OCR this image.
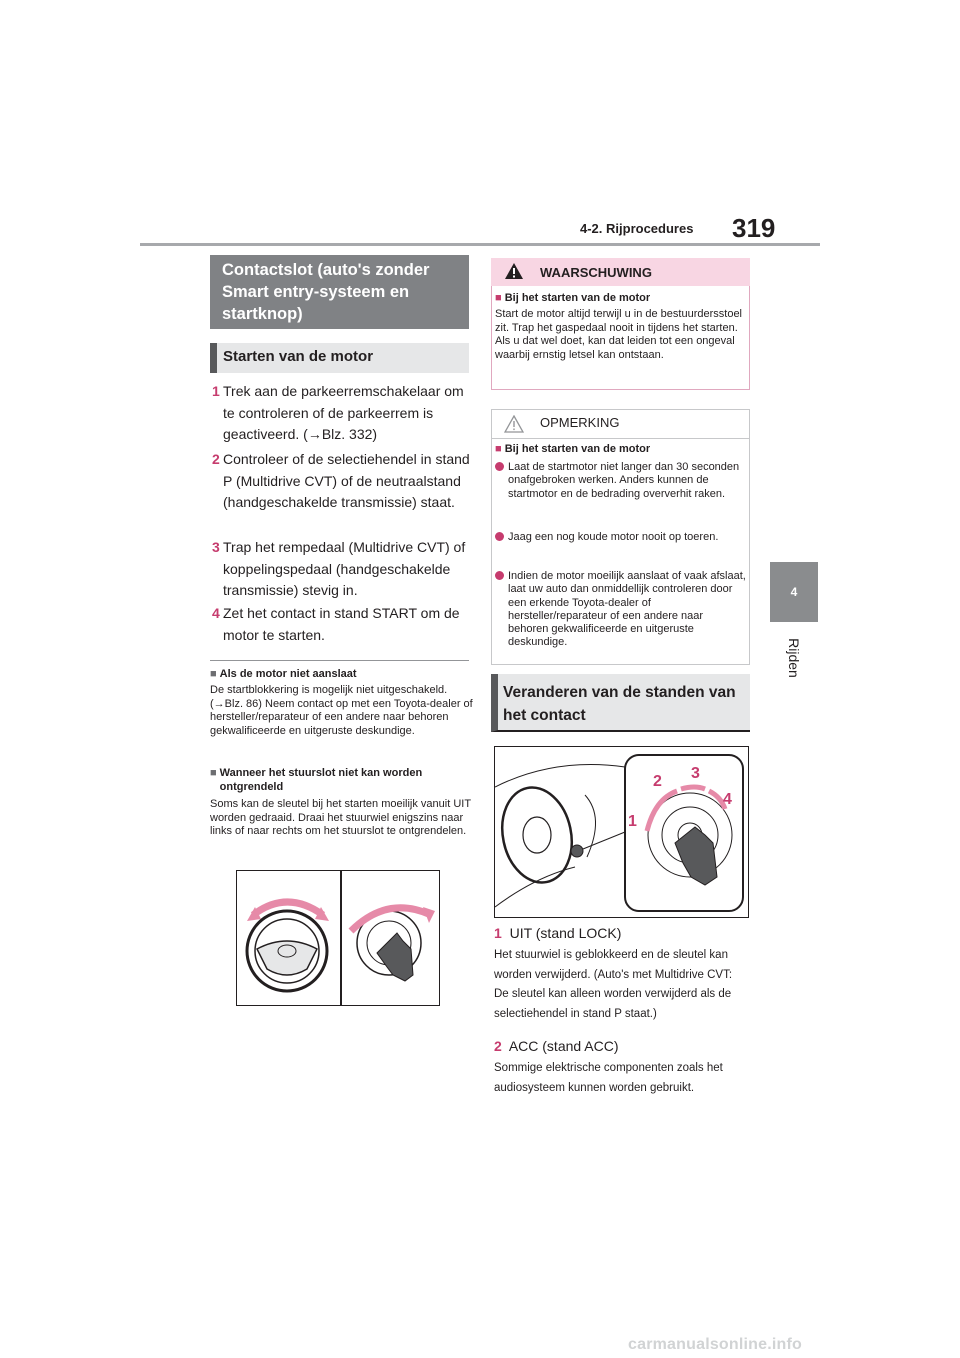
4-2. Rijprocedures 319
4
Rijden
Contactslot (auto's zonder Smart entry-systeem en startknop)
Starten van de motor
1 Trek aan de parkeerremschakelaar om te controleren of de parkeerrem is geactiveerd. (→Blz. 332)
2 Controleer of de selectiehendel in stand P (Multidrive CVT) of de neutraalstand (handgeschakelde transmissie) staat.
3 Trap het rempedaal (Multidrive CVT) of koppelingspedaal (handgeschakelde transmissie) stevig in.
4 Zet het contact in stand START om de motor te starten.
■ Als de motor niet aanslaat
De startblokkering is mogelijk niet uitgeschakeld. (→Blz. 86) Neem contact op met een Toyota-dealer of hersteller/reparateur of een andere naar behoren gekwalificeerde en uitgeruste deskundige.
■ Wanneer het stuurslot niet kan worden ontgrendeld
Soms kan de sleutel bij het starten moeilijk vanuit UIT worden gedraaid. Draai het stuurwiel enigszins naar links of naar rechts om het stuurslot te ontgrendelen.
WAARSCHUWING
■ Bij het starten van de motor
Start de motor altijd terwijl u in de bestuurdersstoel zit. Trap het gaspedaal nooit in tijdens het starten. Als u dat wel doet, kan dat leiden tot een ongeval waarbij ernstig letsel kan ontstaan.
OPMERKING
■ Bij het starten van de motor
Laat de startmotor niet langer dan 30 seconden onafgebroken werken. Anders kunnen de startmotor en de bedrading oververhit raken.
Jaag een nog koude motor nooit op toeren.
Indien de motor moeilijk aanslaat of vaak afslaat, laat uw auto dan onmiddellijk controleren door een erkende Toyota-dealer of hersteller/reparateur of een andere naar behoren gekwalificeerde en uitgeruste deskundige.
Veranderen van de standen van het contact
1
2 3
4
1 UIT (stand LOCK)
Het stuurwiel is geblokkeerd en de sleutel kan worden verwijderd. (Auto's met Multidrive CVT: De sleutel kan alleen worden verwijderd als de selectiehendel in stand P staat.)
2 ACC (stand ACC)
Sommige elektrische componenten zoals het audiosysteem kunnen worden gebruikt.
carmanualsonline.info
